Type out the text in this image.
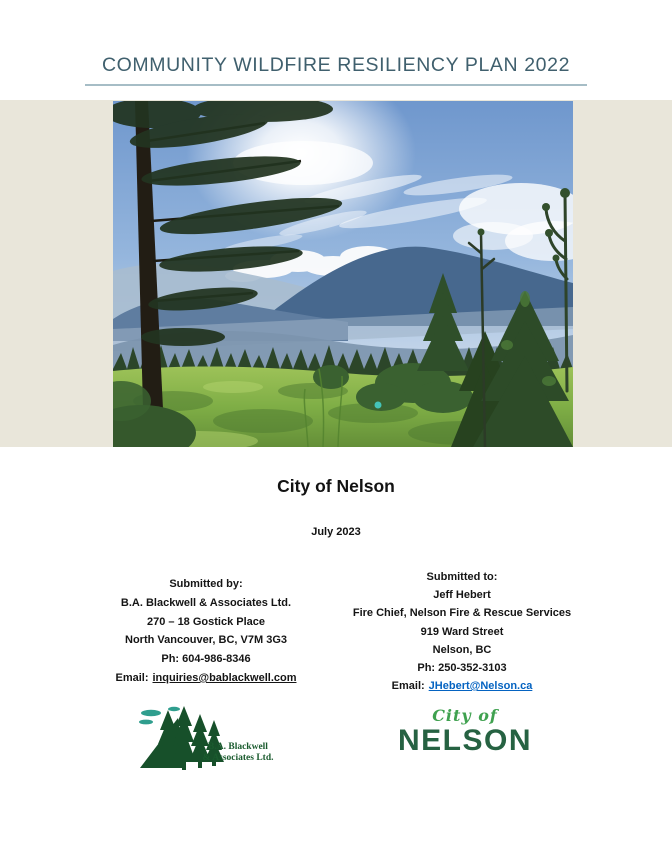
COMMUNITY WILDFIRE RESILIENCY PLAN 2022
City of Nelson
July 2023
Submitted by:
B.A. Blackwell & Associates Ltd.
270 – 18 Gostick Place
North Vancouver, BC, V7M 3G3
Ph: 604-986-8346
Email: inquiries@bablackwell.com
Submitted to:
Jeff Hebert
Fire Chief, Nelson Fire & Rescue Services
919 Ward Street
Nelson, BC
Ph: 250-352-3103
Email: JHebert@Nelson.ca
B.A. Blackwell
& Associates Ltd.
City of
NELSON
